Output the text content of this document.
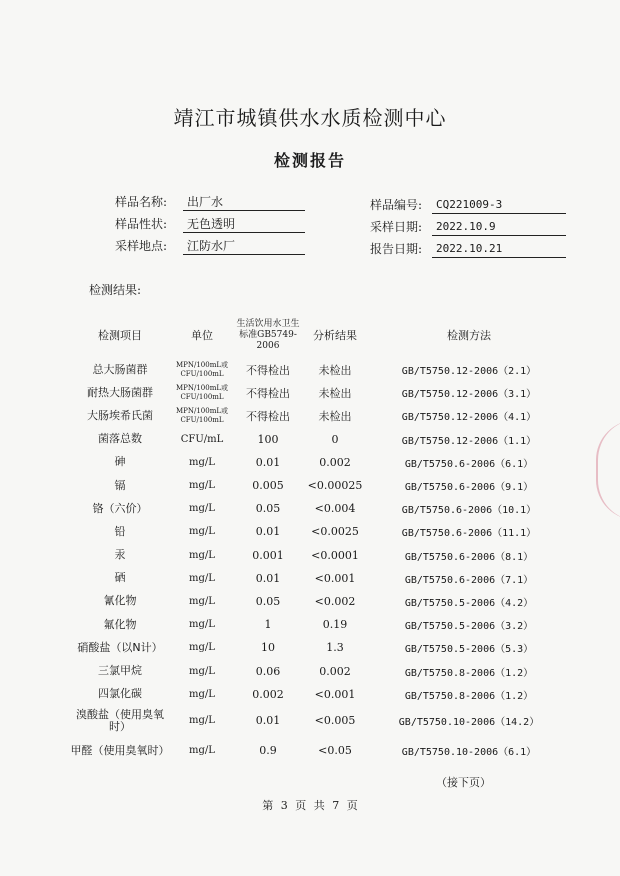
靖江市城镇供水水质检测中心
检测报告
样品名称:	出厂水
样品性状:	无色透明
采样地点:	江防水厂
样品编号:	CQ221009-3
采样日期:	2022.10.9
报告日期:	2022.10.21
检测结果:
检测项目	单位	生活饮用水卫生标准GB5749-2006	分析结果	检测方法
总大肠菌群	MPN/100mL或CFU/100mL	不得检出	未检出	GB/T5750.12-2006（2.1）
耐热大肠菌群	MPN/100mL或CFU/100mL	不得检出	未检出	GB/T5750.12-2006（3.1）
大肠埃希氏菌	MPN/100mL或CFU/100mL	不得检出	未检出	GB/T5750.12-2006（4.1）
菌落总数	CFU/mL	100	0	GB/T5750.12-2006（1.1）
砷	mg/L	0.01	0.002	GB/T5750.6-2006（6.1）
镉	mg/L	0.005	<0.00025	GB/T5750.6-2006（9.1）
铬（六价）	mg/L	0.05	<0.004	GB/T5750.6-2006（10.1）
铅	mg/L	0.01	<0.0025	GB/T5750.6-2006（11.1）
汞	mg/L	0.001	<0.0001	GB/T5750.6-2006（8.1）
硒	mg/L	0.01	<0.001	GB/T5750.6-2006（7.1）
氰化物	mg/L	0.05	<0.002	GB/T5750.5-2006（4.2）
氟化物	mg/L	1	0.19	GB/T5750.5-2006（3.2）
硝酸盐（以N计）	mg/L	10	1.3	GB/T5750.5-2006（5.3）
三氯甲烷	mg/L	0.06	0.002	GB/T5750.8-2006（1.2）
四氯化碳	mg/L	0.002	<0.001	GB/T5750.8-2006（1.2）
溴酸盐（使用臭氧时）	mg/L	0.01	<0.005	GB/T5750.10-2006（14.2）
甲醛（使用臭氧时）	mg/L	0.9	<0.05	GB/T5750.10-2006（6.1）
（接下页）
第 3 页 共 7 页
